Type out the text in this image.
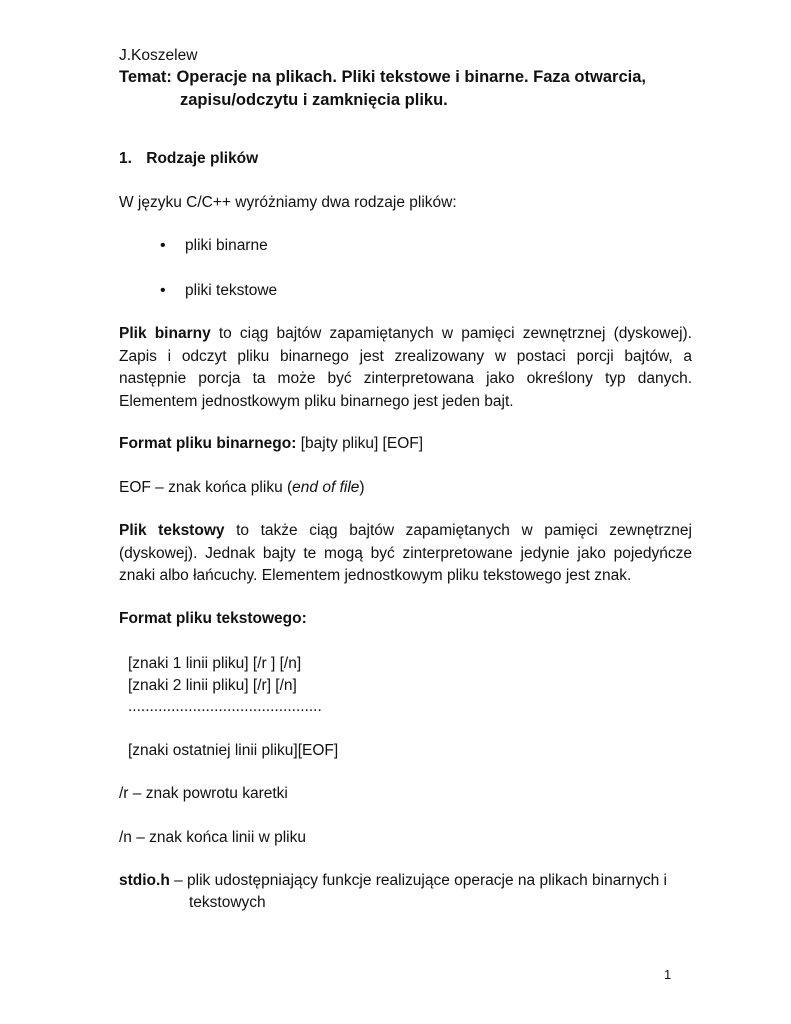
J.Koszelew
Temat: Operacje na plikach. Pliki tekstowe i binarne. Faza otwarcia,
zapisu/odczytu i zamknięcia pliku.
1. Rodzaje plików
W języku C/C++ wyróżniamy dwa rodzaje plików:
• pliki binarne
• pliki tekstowe
Plik binarny to ciąg bajtów zapamiętanych w pamięci zewnętrznej (dyskowej). Zapis i odczyt pliku binarnego jest zrealizowany w postaci porcji bajtów, a następnie porcja ta może być zinterpretowana jako określony typ danych. Elementem jednostkowym pliku binarnego jest jeden bajt.
Format pliku binarnego: [bajty pliku] [EOF]
EOF – znak końca pliku (end of file)
Plik tekstowy to także ciąg bajtów zapamiętanych w pamięci zewnętrznej (dyskowej). Jednak bajty te mogą być zinterpretowane jedynie jako pojedyńcze znaki albo łańcuchy. Elementem jednostkowym pliku tekstowego jest znak.
Format pliku tekstowego:
[znaki 1 linii pliku] [/r ] [/n]
[znaki 2 linii pliku] [/r] [/n]
.............................................
[znaki ostatniej linii pliku][EOF]
/r – znak powrotu karetki
/n – znak końca linii w pliku
stdio.h – plik udostępniający funkcje realizujące operacje na plikach binarnych i
tekstowych
1
